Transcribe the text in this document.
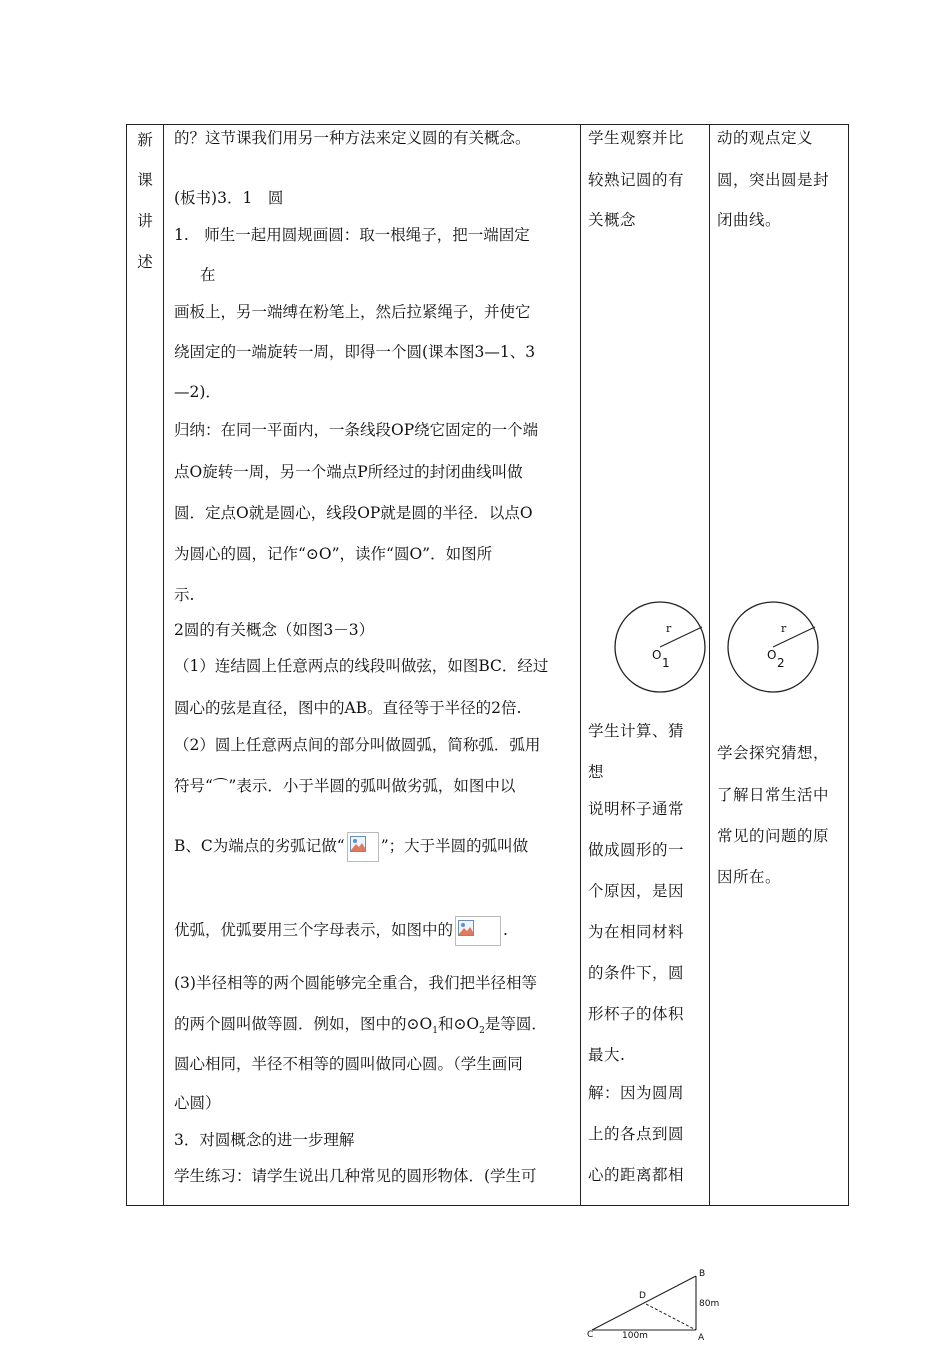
新
课
讲
述
的？这节课我们用另一种方法来定义圆的有关概念。
(板书)3．1　圆
1.　师生一起用圆规画圆：取一根绳子，把一端固定
在
画板上，另一端缚在粉笔上，然后拉紧绳子，并使它
绕固定的一端旋转一周，即得一个圆(课本图3—1、3
—2)．
归纳：在同一平面内，一条线段OP绕它固定的一个端
点O旋转一周，另一个端点P所经过的封闭曲线叫做
圆．定点O就是圆心，线段OP就是圆的半径．以点O
为圆心的圆，记作“⊙O”，读作“圆O”．如图所
示.
2圆的有关概念（如图3－3）
（1）连结圆上任意两点的线段叫做弦，如图BC．经过
圆心的弦是直径，图中的AB。直径等于半径的2倍.
（2）圆上任意两点间的部分叫做圆弧，简称弧．弧用
符号“⌒”表示．小于半圆的弧叫做劣弧，如图中以
B、C为端点的劣弧记做“ ”；大于半圆的弧叫做
优弧，优弧要用三个字母表示，如图中的	.
(3)半径相等的两个圆能够完全重合，我们把半径相等
的两个圆叫做等圆．例如，图中的$⊙O_1$和$⊙O_2$是等圆．
圆心相同，半径不相等的圆叫做同心圆。（学生画同
心圆）
3．对圆概念的进一步理解
学生练习：请学生说出几种常见的圆形物体．(学生可
学生观察并比
较熟记圆的有
关概念
r
O
1
学生计算、猜
想
说明杯子通常
做成圆形的一
个原因，是因
为在相同材料
的条件下，圆
形杯子的体积
最大.
解：因为圆周
上的各点到圆
心的距离都相
动的观点定义
圆，突出圆是封
闭曲线。
r
O
2
学会探究猜想，
了解日常生活中
常见的问题的原
因所在。
B
D
C	A
80m
100m
